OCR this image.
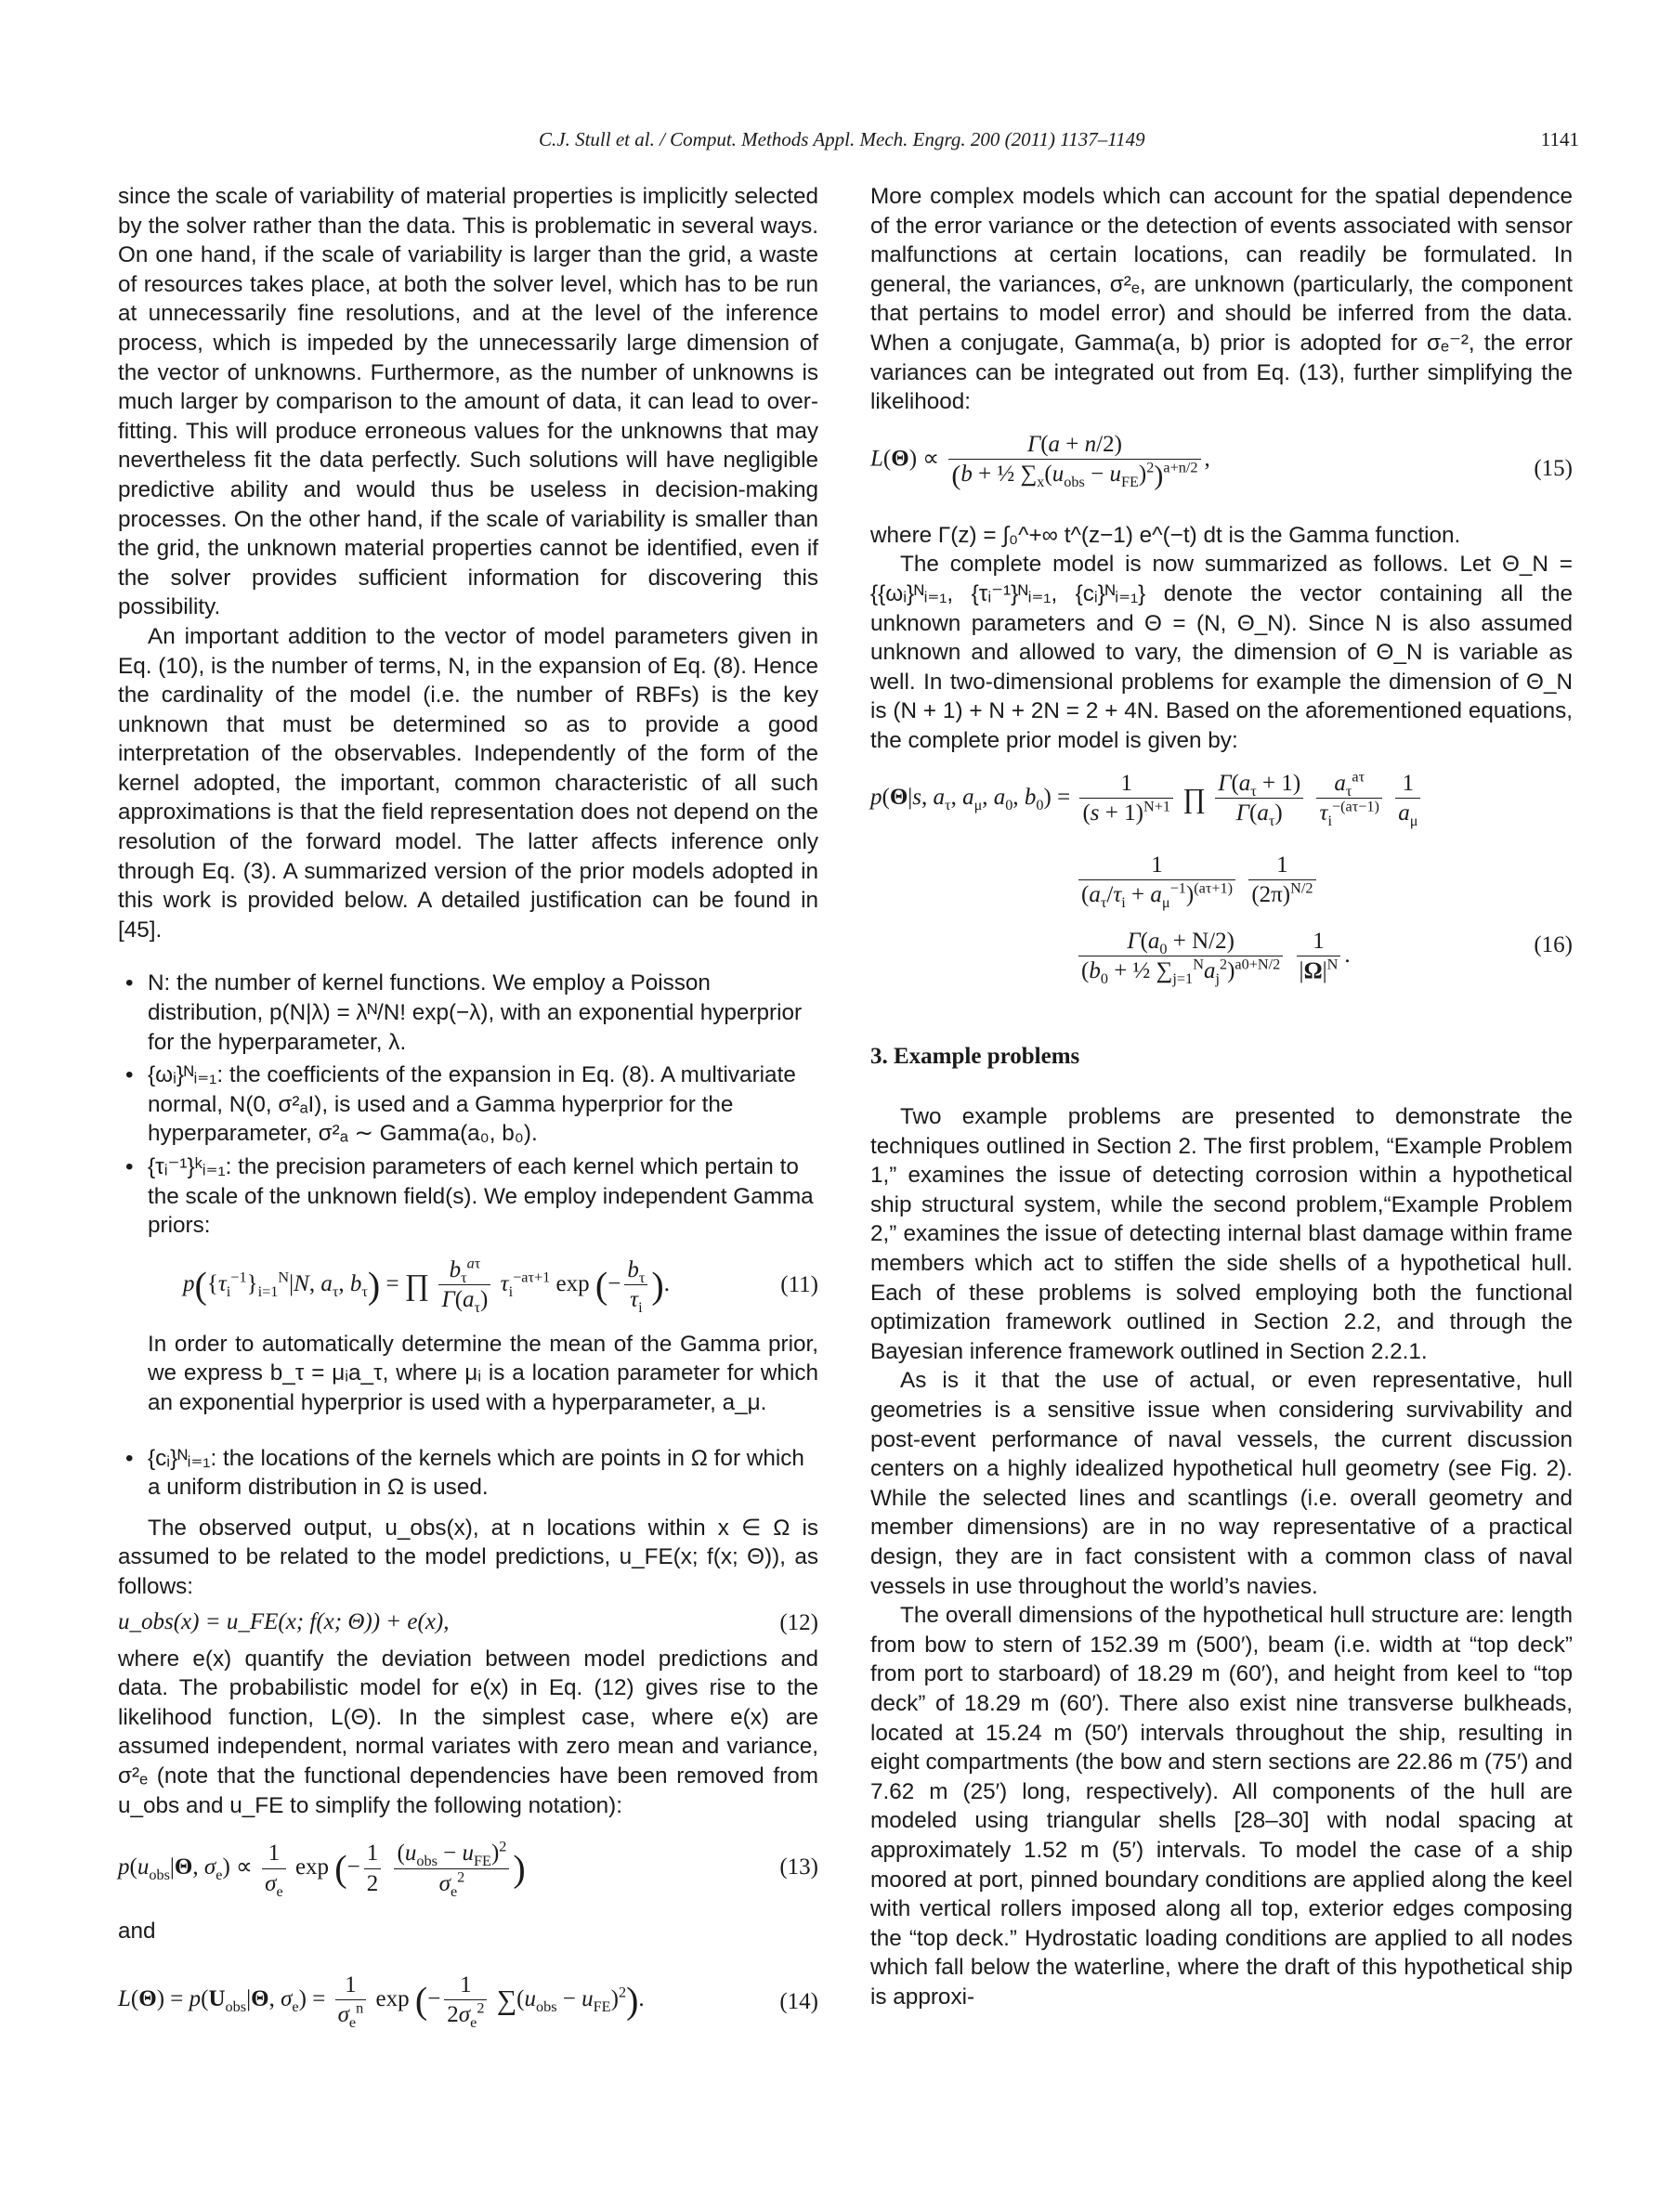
C.J. Stull et al. / Comput. Methods Appl. Mech. Engrg. 200 (2011) 1137–1149	1141

since the scale of variability of material properties is implicitly selected by the solver rather than the data. This is problematic in several ways. On one hand, if the scale of variability is larger than the grid, a waste of resources takes place, at both the solver level, which has to be run at unnecessarily fine resolutions, and at the level of the inference process, which is impeded by the unnecessarily large dimension of the vector of unknowns. Furthermore, as the number of unknowns is much larger by comparison to the amount of data, it can lead to over-fitting. This will produce erroneous values for the unknowns that may nevertheless fit the data perfectly. Such solutions will have negligible predictive ability and would thus be useless in decision-making processes. On the other hand, if the scale of variability is smaller than the grid, the unknown material properties cannot be identified, even if the solver provides sufficient information for discovering this possibility.

An important addition to the vector of model parameters given in Eq. (10), is the number of terms, N, in the expansion of Eq. (8). Hence the cardinality of the model (i.e. the number of RBFs) is the key unknown that must be determined so as to provide a good interpretation of the observables. Independently of the form of the kernel adopted, the important, common characteristic of all such approximations is that the field representation does not depend on the resolution of the forward model. The latter affects inference only through Eq. (3). A summarized version of the prior models adopted in this work is provided below. A detailed justification can be found in [45].

• N: the number of kernel functions. We employ a Poisson distribution, p(N|λ) = λᴺ/N! exp(−λ), with an exponential hyperprior for the hyperparameter, λ.
• {ωᵢ}ᴺᵢ₌₁: the coefficients of the expansion in Eq. (8). A multivariate normal, N(0, σ²ₐI), is used and a Gamma hyperprior for the hyperparameter, σ²ₐ ∼ Gamma(a₀, b₀).
• {τᵢ⁻¹}ᵏᵢ₌₁: the precision parameters of each kernel which pertain to the scale of the unknown field(s). We employ independent Gamma priors:
$p(\{\tau_i^{-1}\}_{i=1}^N|N$, $a_\tau$, $b_\tau$) = ∏ $\frac{b_\tau^{a\tau}}{\Gamma(a_\tau)} \tau_i^{-a\tau+1}$ exp (− $\frac{b_\tau}{\tau_i}$ ).	(11)

In order to automatically determine the mean of the Gamma prior, we express b_τ = μᵢa_τ, where μᵢ is a location parameter for which an exponential hyperprior is used with a hyperparameter, a_μ.

• {cᵢ}ᴺᵢ₌₁: the locations of the kernels which are points in Ω for which a uniform distribution in Ω is used.

The observed output, u_obs(x), at n locations within x ∈ Ω is assumed to be related to the model predictions, u_FE(x; f(x; Θ)), as follows:

u_obs(x) = u_FE(x; f(x; Θ)) + e(x),	(12)

where e(x) quantify the deviation between model predictions and data. The probabilistic model for e(x) in Eq. (12) gives rise to the likelihood function, L(Θ). In the simplest case, where e(x) are assumed independent, normal variates with zero mean and variance, σ²ₑ (note that the functional dependencies have been removed from u_obs and u_FE to simplify the following notation):

$p(u_{obs}|\Theta$, $\sigma_e) \propto \frac{1}{\sigma_e}$ exp (− $\frac{1}{2}$
$\frac{(u_{obs} - u_{FE})^2}{\sigma_e^2}$ )	(13)

and

$L(\Theta) = p(U_{obs}|\Theta$, $\sigma_e) = \frac{1}{\sigma_e^n}$ exp (− $\frac{1}{2\sigma_e^2} \sum(u_{obs} - u_{FE})^2$).	(14)

More complex models which can account for the spatial dependence of the error variance or the detection of events associated with sensor malfunctions at certain locations, can readily be formulated. In general, the variances, σ²ₑ, are unknown (particularly, the component that pertains to model error) and should be inferred from the data. When a conjugate, Gamma(a, b) prior is adopted for σₑ⁻², the error variances can be integrated out from Eq. (13), further simplifying the likelihood:

$L(\Theta) \propto \frac{\Gamma(a + n/2)}{(b + \frac{1}{2} \sum_x(u_{obs} - u_{FE})^2)^{a+n/2}}$ ,	(15)

where Γ(z) = ∫₀^+∞ t^(z−1) e^(−t) dt is the Gamma function.

The complete model is now summarized as follows. Let Θ_N = {{ωᵢ}ᴺᵢ₌₁, {τᵢ⁻¹}ᴺᵢ₌₁, {cᵢ}ᴺᵢ₌₁} denote the vector containing all the unknown parameters and Θ = (N, Θ_N). Since N is also assumed unknown and allowed to vary, the dimension of Θ_N is variable as well. In two-dimensional problems for example the dimension of Θ_N is (N + 1) + N + 2N = 2 + 4N. Based on the aforementioned equations, the complete prior model is given by:

p(Θ|s, $a_\tau$, $a_\mu$, $a_0$, $b_0) = \frac{1}{(s + 1)^{N+1}}$ ∏ $\frac{\Gamma(a_\tau + 1)}{\Gamma(a_\tau)}$
$\frac{a_\tau^{a\tau}}{\tau_i^{-(a\tau-1)}}$
$\frac{1}{a_\mu}$
$\frac{1}{(a_\tau/\tau_i + a_\mu^{-1})^{(a\tau+1)}}$
$\frac{1}{(2\pi)^{N/2}}$
$\frac{\Gamma(a_0 + N/2)}{(b_0 + \frac{1}{2} \sum_{j=1}^Na_j^2)^{a0+N/2}}$
$\frac{1}{|\Omega|^N}$ .	(16)
3. Example problems

Two example problems are presented to demonstrate the techniques outlined in Section 2. The first problem, “Example Problem 1,” examines the issue of detecting corrosion within a hypothetical ship structural system, while the second problem,“Example Problem 2,” examines the issue of detecting internal blast damage within frame members which act to stiffen the side shells of a hypothetical hull. Each of these problems is solved employing both the functional optimization framework outlined in Section 2.2, and through the Bayesian inference framework outlined in Section 2.2.1.

As is it that the use of actual, or even representative, hull geometries is a sensitive issue when considering survivability and post-event performance of naval vessels, the current discussion centers on a highly idealized hypothetical hull geometry (see Fig. 2). While the selected lines and scantlings (i.e. overall geometry and member dimensions) are in no way representative of a practical design, they are in fact consistent with a common class of naval vessels in use throughout the world’s navies.

The overall dimensions of the hypothetical hull structure are: length from bow to stern of 152.39 m (500′), beam (i.e. width at “top deck” from port to starboard) of 18.29 m (60′), and height from keel to “top deck” of 18.29 m (60′). There also exist nine transverse bulkheads, located at 15.24 m (50′) intervals throughout the ship, resulting in eight compartments (the bow and stern sections are 22.86 m (75′) and 7.62 m (25′) long, respectively). All components of the hull are modeled using triangular shells [28–30] with nodal spacing at approximately 1.52 m (5′) intervals. To model the case of a ship moored at port, pinned boundary conditions are applied along the keel with vertical rollers imposed along all top, exterior edges composing the “top deck.” Hydrostatic loading conditions are applied to all nodes which fall below the waterline, where the draft of this hypothetical ship is approxi-
